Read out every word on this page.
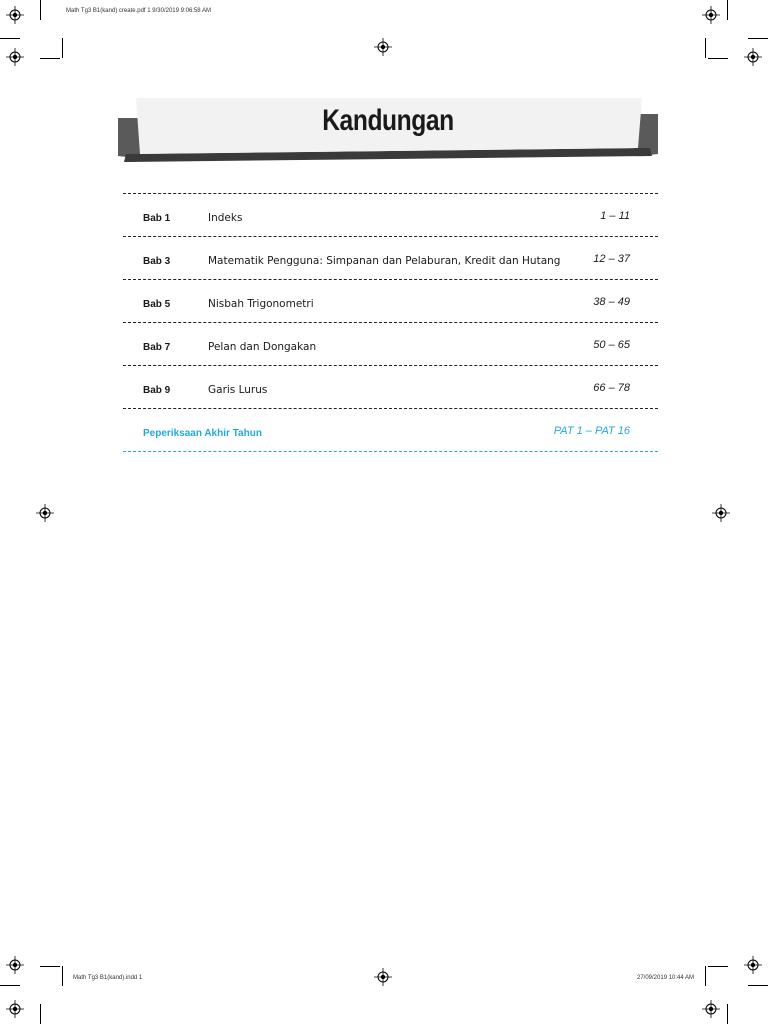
Math Tg3 B1(kand) create.pdf 1 9/30/2019 9:06:58 AM
Math Tg3 B1(kand).indd 1	27/09/2019 10:44 AM
Kandungan
Bab 1	Indeks	1 – 11
Bab 3	Matematik Pengguna: Simpanan dan Pelaburan, Kredit dan Hutang	12 – 37
Bab 5	Nisbah Trigonometri	38 – 49
Bab 7	Pelan dan Dongakan	50 – 65
Bab 9	Garis Lurus	66 – 78
Peperiksaan Akhir Tahun	PAT 1 – PAT 16
